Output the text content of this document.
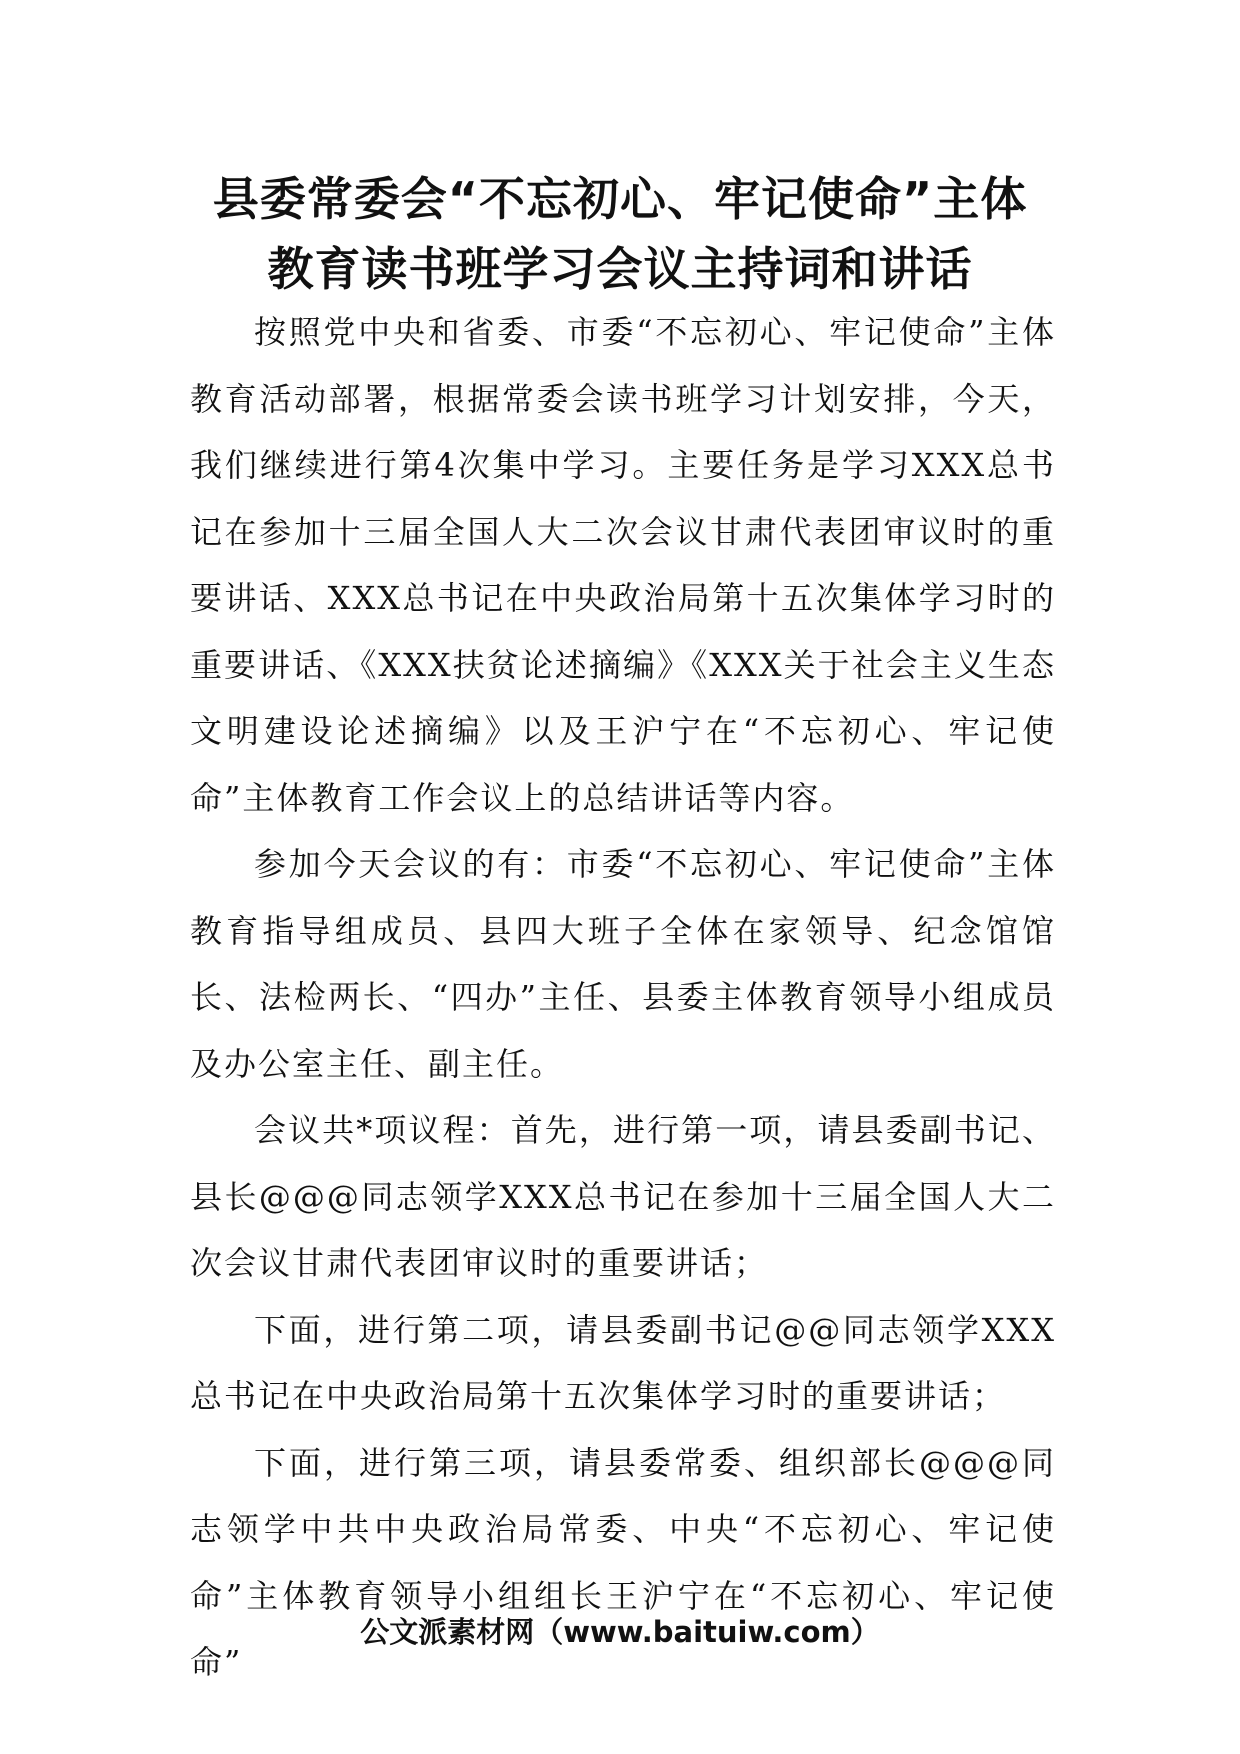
县委常委会“不忘初心、牢记使命”主体
教育读书班学习会议主持词和讲话

按照党中央和省委、市委“不忘初心、牢记使命”主体教育活动部署，根据常委会读书班学习计划安排，今天，我们继续进行第4次集中学习。主要任务是学习XXX总书记在参加十三届全国人大二次会议甘肃代表团审议时的重要讲话、XXX总书记在中央政治局第十五次集体学习时的重要讲话、《XXX扶贫论述摘编》《XXX关于社会主义生态文明建设论述摘编》以及王沪宁在“不忘初心、牢记使命”主体教育工作会议上的总结讲话等内容。

参加今天会议的有：市委“不忘初心、牢记使命”主体教育指导组成员、县四大班子全体在家领导、纪念馆馆长、法检两长、“四办”主任、县委主体教育领导小组成员及办公室主任、副主任。

会议共*项议程：首先，进行第一项，请县委副书记、县长@@@同志领学XXX总书记在参加十三届全国人大二次会议甘肃代表团审议时的重要讲话；

下面，进行第二项，请县委副书记@@同志领学XXX总书记在中央政治局第十五次集体学习时的重要讲话；

下面，进行第三项，请县委常委、组织部长@@@同志领学中共中央政治局常委、中央“不忘初心、牢记使命”主体教育领导小组组长王沪宁在“不忘初心、牢记使命”

公文派素材网（www.baituiw.com）
